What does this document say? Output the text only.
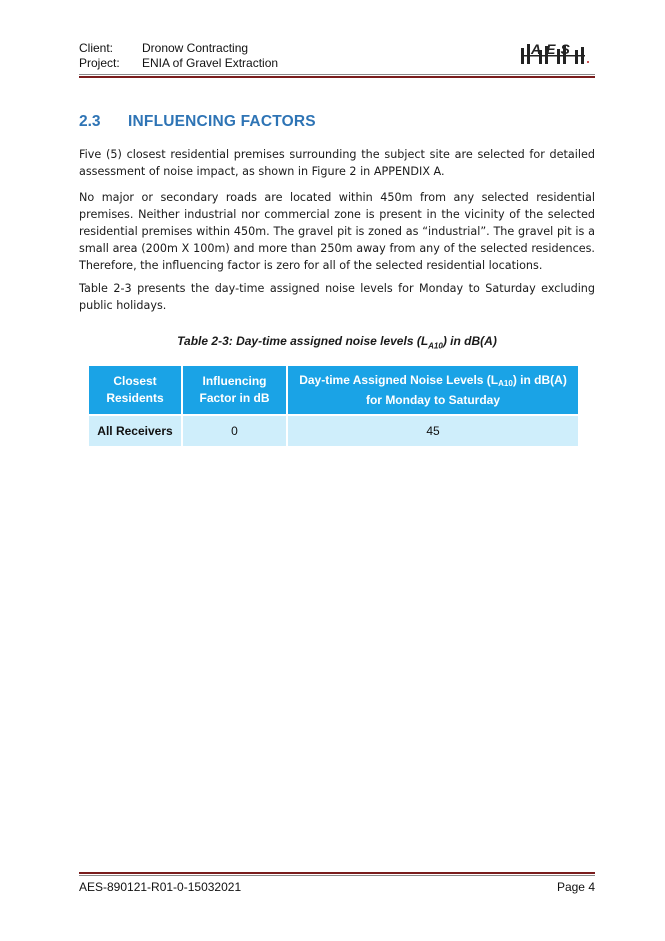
Client: Dronow Contracting
Project: ENIA of Gravel Extraction
AES
2.3 INFLUENCING FACTORS
Five (5) closest residential premises surrounding the subject site are selected for detailed assessment of noise impact, as shown in Figure 2 in APPENDIX A.
No major or secondary roads are located within 450m from any selected residential premises. Neither industrial nor commercial zone is present in the vicinity of the selected residential premises within 450m. The gravel pit is zoned as “industrial”. The gravel pit is a small area (200m X 100m) and more than 250m away from any of the selected residences. Therefore, the influencing factor is zero for all of the selected residential locations.
Table 2-3 presents the day-time assigned noise levels for Monday to Saturday excluding public holidays.
Table 2-3: Day-time assigned noise levels $(L_{A10})$ in dB(A)
Closest Residents	Influencing Factor in dB	Day-time Assigned Noise Levels (LA10) in dB(A) for Monday to Saturday
All Receivers	0	45
AES-890121-R01-0-15032021	Page 4
